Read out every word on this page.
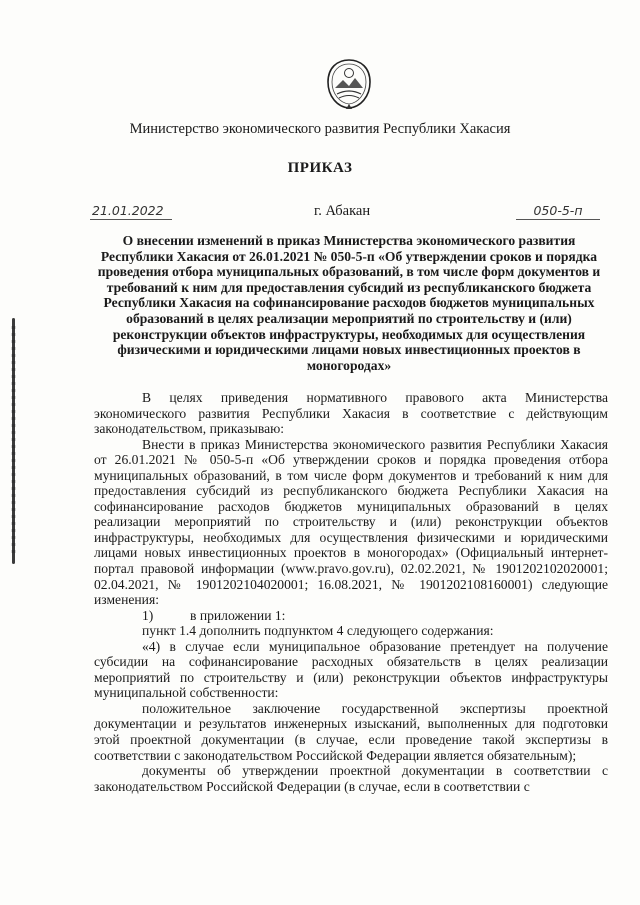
Министерство экономического развития Республики Хакасия
ПРИКАЗ
21.01.2022	г. Абакан	050-5-п
О внесении изменений в приказ Министерства экономического развития Республики Хакасия от 26.01.2021 № 050-5-п «Об утверждении сроков и порядка проведения отбора муниципальных образований, в том числе форм документов и требований к ним для предоставления субсидий из республиканского бюджета Республики Хакасия на софинансирование расходов бюджетов муниципальных образований в целях реализации мероприятий по строительству и (или) реконструкции объектов инфраструктуры, необходимых для осуществления физическими и юридическими лицами новых инвестиционных проектов в моногородах»

В целях приведения нормативного правового акта Министерства экономического развития Республики Хакасия в соответствие с действующим законодательством, приказываю:

Внести в приказ Министерства экономического развития Республики Хакасия от 26.01.2021 № 050-5-п «Об утверждении сроков и порядка проведения отбора муниципальных образований, в том числе форм документов и требований к ним для предоставления субсидий из республиканского бюджета Республики Хакасия на софинансирование расходов бюджетов муниципальных образований в целях реализации мероприятий по строительству и (или) реконструкции объектов инфраструктуры, необходимых для осуществления физическими и юридическими лицами новых инвестиционных проектов в моногородах» (Официальный интернет-портал правовой информации (www.pravo.gov.ru), 02.02.2021, № 1901202102020001; 02.04.2021, № 1901202104020001; 16.08.2021, № 1901202108160001) следующие изменения:

1)	в приложении 1:

пункт 1.4 дополнить подпунктом 4 следующего содержания:

«4) в случае если муниципальное образование претендует на получение субсидии на софинансирование расходных обязательств в целях реализации мероприятий по строительству и (или) реконструкции объектов инфраструктуры муниципальной собственности:

положительное заключение государственной экспертизы проектной документации и результатов инженерных изысканий, выполненных для подготовки этой проектной документации (в случае, если проведение такой экспертизы в соответствии с законодательством Российской Федерации является обязательным);

документы об утверждении проектной документации в соответствии с законодательством Российской Федерации (в случае, если в соответствии с
